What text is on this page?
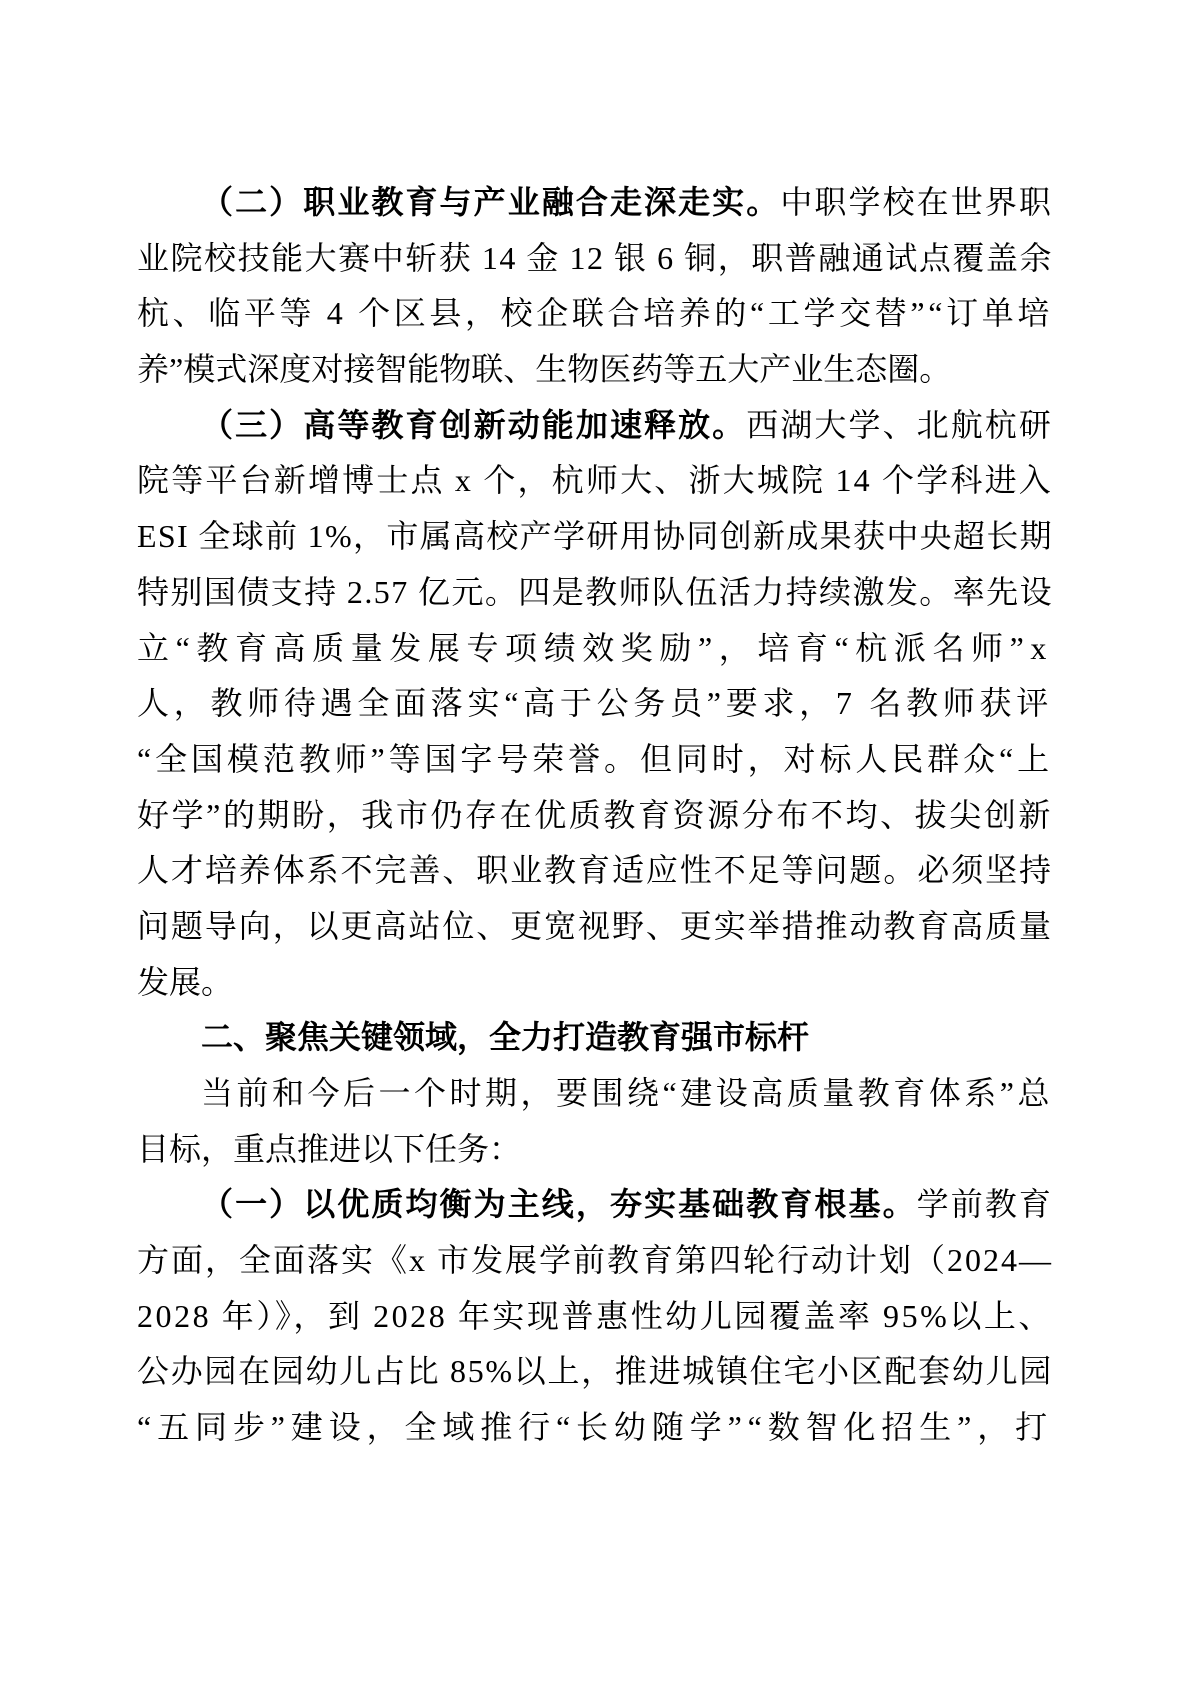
（二）职业教育与产业融合走深走实。中职学校在世界职
业院校技能大赛中斩获 14 金 12 银 6 铜，职普融通试点覆盖余
杭、临平等 4 个区县，校企联合培养的“工学交替”“订单培
养”模式深度对接智能物联、生物医药等五大产业生态圈。
（三）高等教育创新动能加速释放。西湖大学、北航杭研
院等平台新增博士点 x 个，杭师大、浙大城院 14 个学科进入
ESI 全球前 1%，市属高校产学研用协同创新成果获中央超长期
特别国债支持 2.57 亿元。四是教师队伍活力持续激发。率先设
立“教育高质量发展专项绩效奖励”，培育“杭派名师”x
人，教师待遇全面落实“高于公务员”要求，7 名教师获评
“全国模范教师”等国字号荣誉。但同时，对标人民群众“上
好学”的期盼，我市仍存在优质教育资源分布不均、拔尖创新
人才培养体系不完善、职业教育适应性不足等问题。必须坚持
问题导向，以更高站位、更宽视野、更实举措推动教育高质量
发展。
二、聚焦关键领域，全力打造教育强市标杆
当前和今后一个时期，要围绕“建设高质量教育体系”总
目标，重点推进以下任务：
（一）以优质均衡为主线，夯实基础教育根基。学前教育
方面，全面落实《x 市发展学前教育第四轮行动计划（2024—
2028 年）》，到 2028 年实现普惠性幼儿园覆盖率 95%以上、
公办园在园幼儿占比 85%以上，推进城镇住宅小区配套幼儿园
“五同步”建设，全域推行“长幼随学”“数智化招生”，打
